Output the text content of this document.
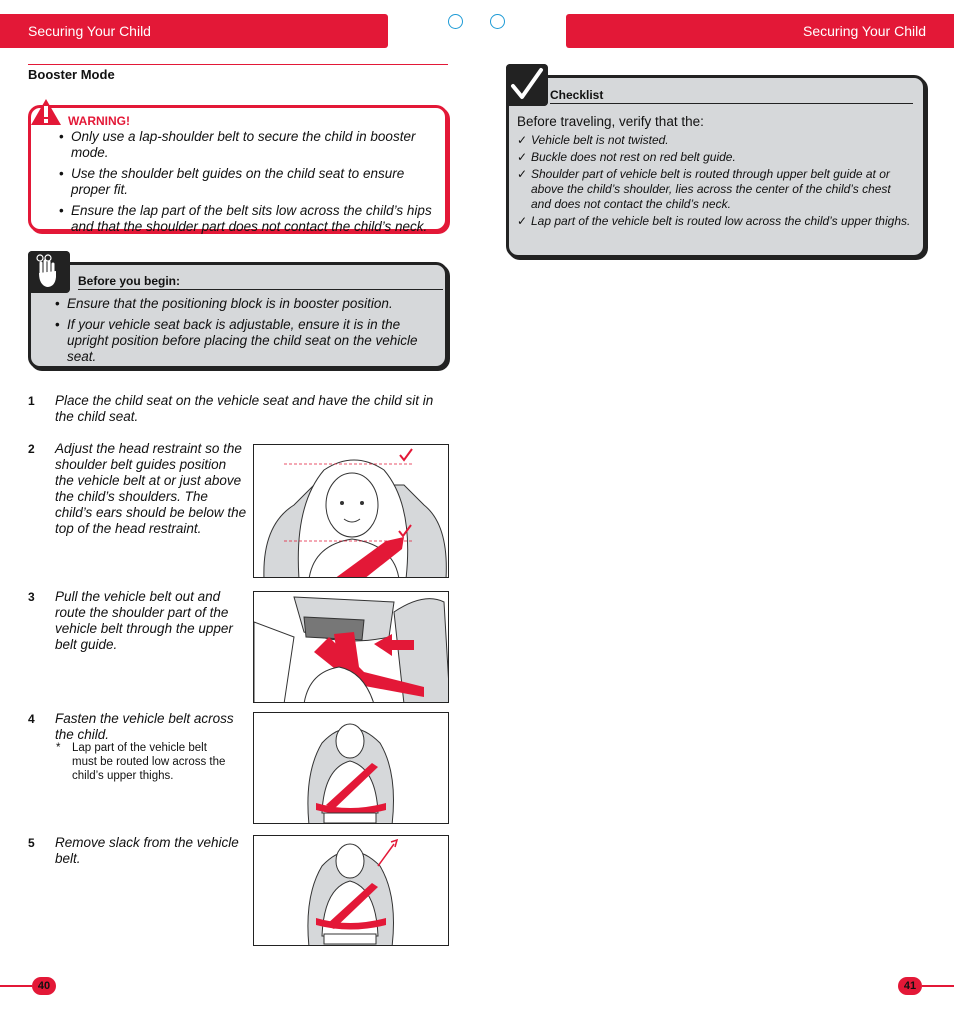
Securing Your Child	Securing Your Child
Booster Mode
WARNING!
• Only use a lap-shoulder belt to secure the child in booster mode.
• Use the shoulder belt guides on the child seat to ensure proper fit.
• Ensure the lap part of the belt sits low across the child’s hips and that the shoulder part does not contact the child’s neck.
Before you begin:
• Ensure that the positioning block is in booster position.
• If your vehicle seat back is adjustable, ensure it is in the upright position before placing the child seat on the vehicle seat.
1 Place the child seat on the vehicle seat and have the child sit in the child seat.
2 Adjust the head restraint so the shoulder belt guides position the vehicle belt at or just above the child’s shoulders. The child’s ears should be below the top of the head restraint.
3 Pull the vehicle belt out and route the shoulder part of the vehicle belt through the upper belt guide.
4 Fasten the vehicle belt across the child.
* Lap part of the vehicle belt must be routed low across the child’s upper thighs.
5 Remove slack from the vehicle belt.
Checklist
Before traveling, verify that the:
✓ Vehicle belt is not twisted.
✓ Buckle does not rest on red belt guide.
✓ Shoulder part of vehicle belt is routed through upper belt guide at or above the child’s shoulder, lies across the center of the child’s chest and does not contact the child’s neck.
✓ Lap part of the vehicle belt is routed low across the child’s upper thighs.
40	41
